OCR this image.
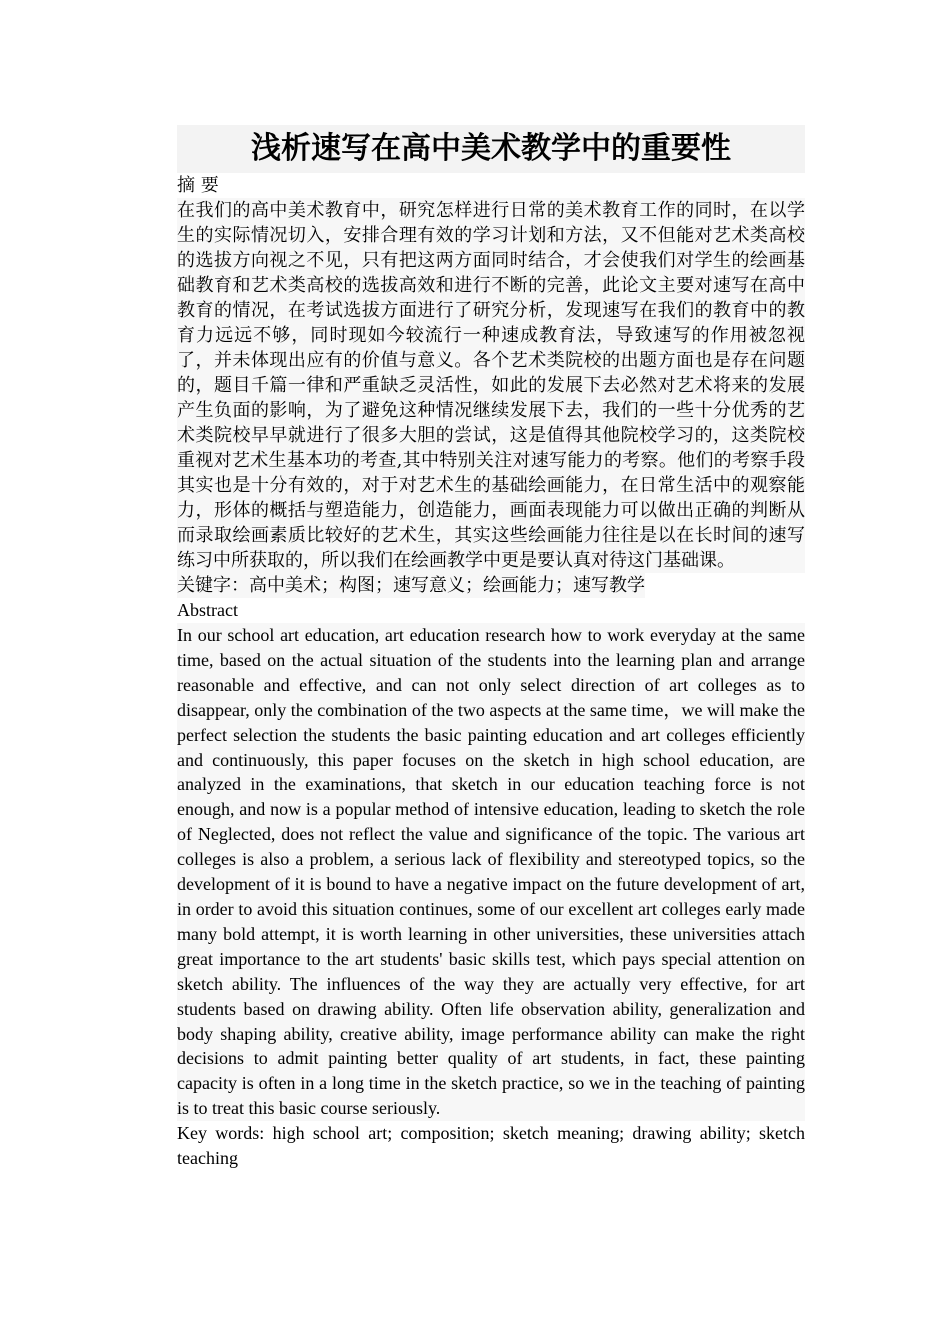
浅析速写在高中美术教学中的重要性

摘 要

在我们的高中美术教育中，研究怎样进行日常的美术教育工作的同时，在以学生的实际情况切入，安排合理有效的学习计划和方法，又不但能对艺术类高校的选拔方向视之不见，只有把这两方面同时结合，才会使我们对学生的绘画基础教育和艺术类高校的选拔高效和进行不断的完善，此论文主要对速写在高中教育的情况，在考试选拔方面进行了研究分析，发现速写在我们的教育中的教育力远远不够，同时现如今较流行一种速成教育法，导致速写的作用被忽视了，并未体现出应有的价值与意义。各个艺术类院校的出题方面也是存在问题的，题目千篇一律和严重缺乏灵活性，如此的发展下去必然对艺术将来的发展产生负面的影响，为了避免这种情况继续发展下去，我们的一些十分优秀的艺术类院校早早就进行了很多大胆的尝试，这是值得其他院校学习的，这类院校重视对艺术生基本功的考查,其中特别关注对速写能力的考察。他们的考察手段其实也是十分有效的，对于对艺术生的基础绘画能力，在日常生活中的观察能力，形体的概括与塑造能力，创造能力，画面表现能力可以做出正确的判断从而录取绘画素质比较好的艺术生，其实这些绘画能力往往是以在长时间的速写练习中所获取的，所以我们在绘画教学中更是要认真对待这门基础课。

关键字：高中美术；构图；速写意义；绘画能力；速写教学

Abstract

In our school art education, art education research how to work everyday at the same time, based on the actual situation of the students into the learning plan and arrange reasonable and effective, and can not only select direction of art colleges as to disappear, only the combination of the two aspects at the same time，we will make the perfect selection the students the basic painting education and art colleges efficiently and continuously, this paper focuses on the sketch in high school education, are analyzed in the examinations, that sketch in our education teaching force is not enough, and now is a popular method of intensive education, leading to sketch the role of Neglected, does not reflect the value and significance of the topic. The various art colleges is also a problem, a serious lack of flexibility and stereotyped topics, so the development of it is bound to have a negative impact on the future development of art, in order to avoid this situation continues, some of our excellent art colleges early made many bold attempt, it is worth learning in other universities, these universities attach great importance to the art students' basic skills test, which pays special attention on sketch ability. The influences of the way they are actually very effective, for art students based on drawing ability. Often life observation ability, generalization and body shaping ability, creative ability, image performance ability can make the right decisions to admit painting better quality of art students, in fact, these painting capacity is often in a long time in the sketch practice, so we in the teaching of painting is to treat this basic course seriously.

Key words: high school art; composition; sketch meaning; drawing ability; sketch teaching
